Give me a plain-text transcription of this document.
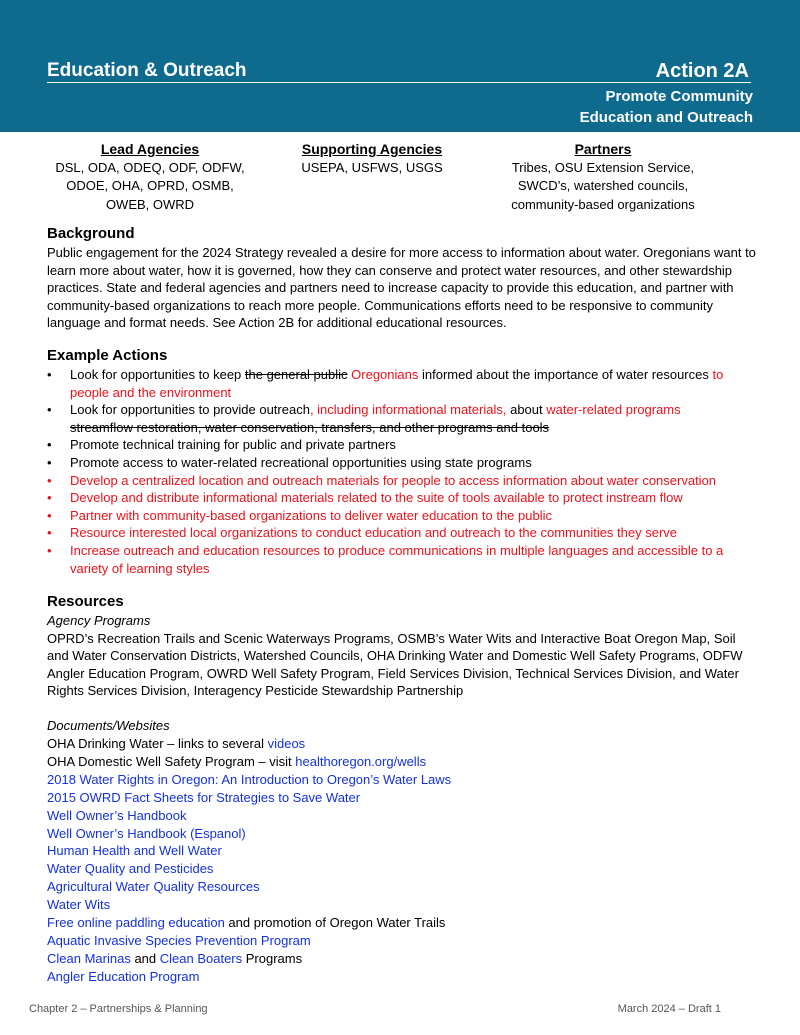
Education & Outreach	Action 2A
Promote Community
Education and Outreach
Lead Agencies
DSL, ODA, ODEQ, ODF, ODFW,
ODOE, OHA, OPRD, OSMB,
OWEB, OWRD
Supporting Agencies
USEPA, USFWS, USGS
Partners
Tribes, OSU Extension Service,
SWCD’s, watershed councils,
community-based organizations
Background

Public engagement for the 2024 Strategy revealed a desire for more access to information about water. Oregonians want to learn more about water, how it is governed, how they can conserve and protect water resources, and other stewardship practices. State and federal agencies and partners need to increase capacity to provide this education, and partner with community-based organizations to reach more people. Communications efforts need to be responsive to community language and format needs. See Action 2B for additional educational resources.

Example Actions
• Look for opportunities to keep the general public Oregonians informed about the importance of water resources to people and the environment
• Look for opportunities to provide outreach, including informational materials, about water-related programs
streamflow restoration, water conservation, transfers, and other programs and tools
• Promote technical training for public and private partners
• Promote access to water-related recreational opportunities using state programs
• Develop a centralized location and outreach materials for people to access information about water conservation
• Develop and distribute informational materials related to the suite of tools available to protect instream flow
• Partner with community-based organizations to deliver water education to the public
• Resource interested local organizations to conduct education and outreach to the communities they serve
• Increase outreach and education resources to produce communications in multiple languages and accessible to a variety of learning styles
Resources
Agency Programs

OPRD’s Recreation Trails and Scenic Waterways Programs, OSMB’s Water Wits and Interactive Boat Oregon Map, Soil and Water Conservation Districts, Watershed Councils, OHA Drinking Water and Domestic Well Safety Programs, ODFW Angler Education Program, OWRD Well Safety Program, Field Services Division, Technical Services Division, and Water Rights Services Division, Interagency Pesticide Stewardship Partnership

Documents/Websites
OHA Drinking Water – links to several videos
OHA Domestic Well Safety Program – visit healthoregon.org/wells
2018 Water Rights in Oregon: An Introduction to Oregon’s Water Laws
2015 OWRD Fact Sheets for Strategies to Save Water
Well Owner’s Handbook
Well Owner’s Handbook (Espanol)
Human Health and Well Water
Water Quality and Pesticides
Agricultural Water Quality Resources
Water Wits
Free online paddling education and promotion of Oregon Water Trails
Aquatic Invasive Species Prevention Program
Clean Marinas and Clean Boaters Programs
Angler Education Program
Chapter 2 – Partnerships & Planning	March 2024 – Draft 1
